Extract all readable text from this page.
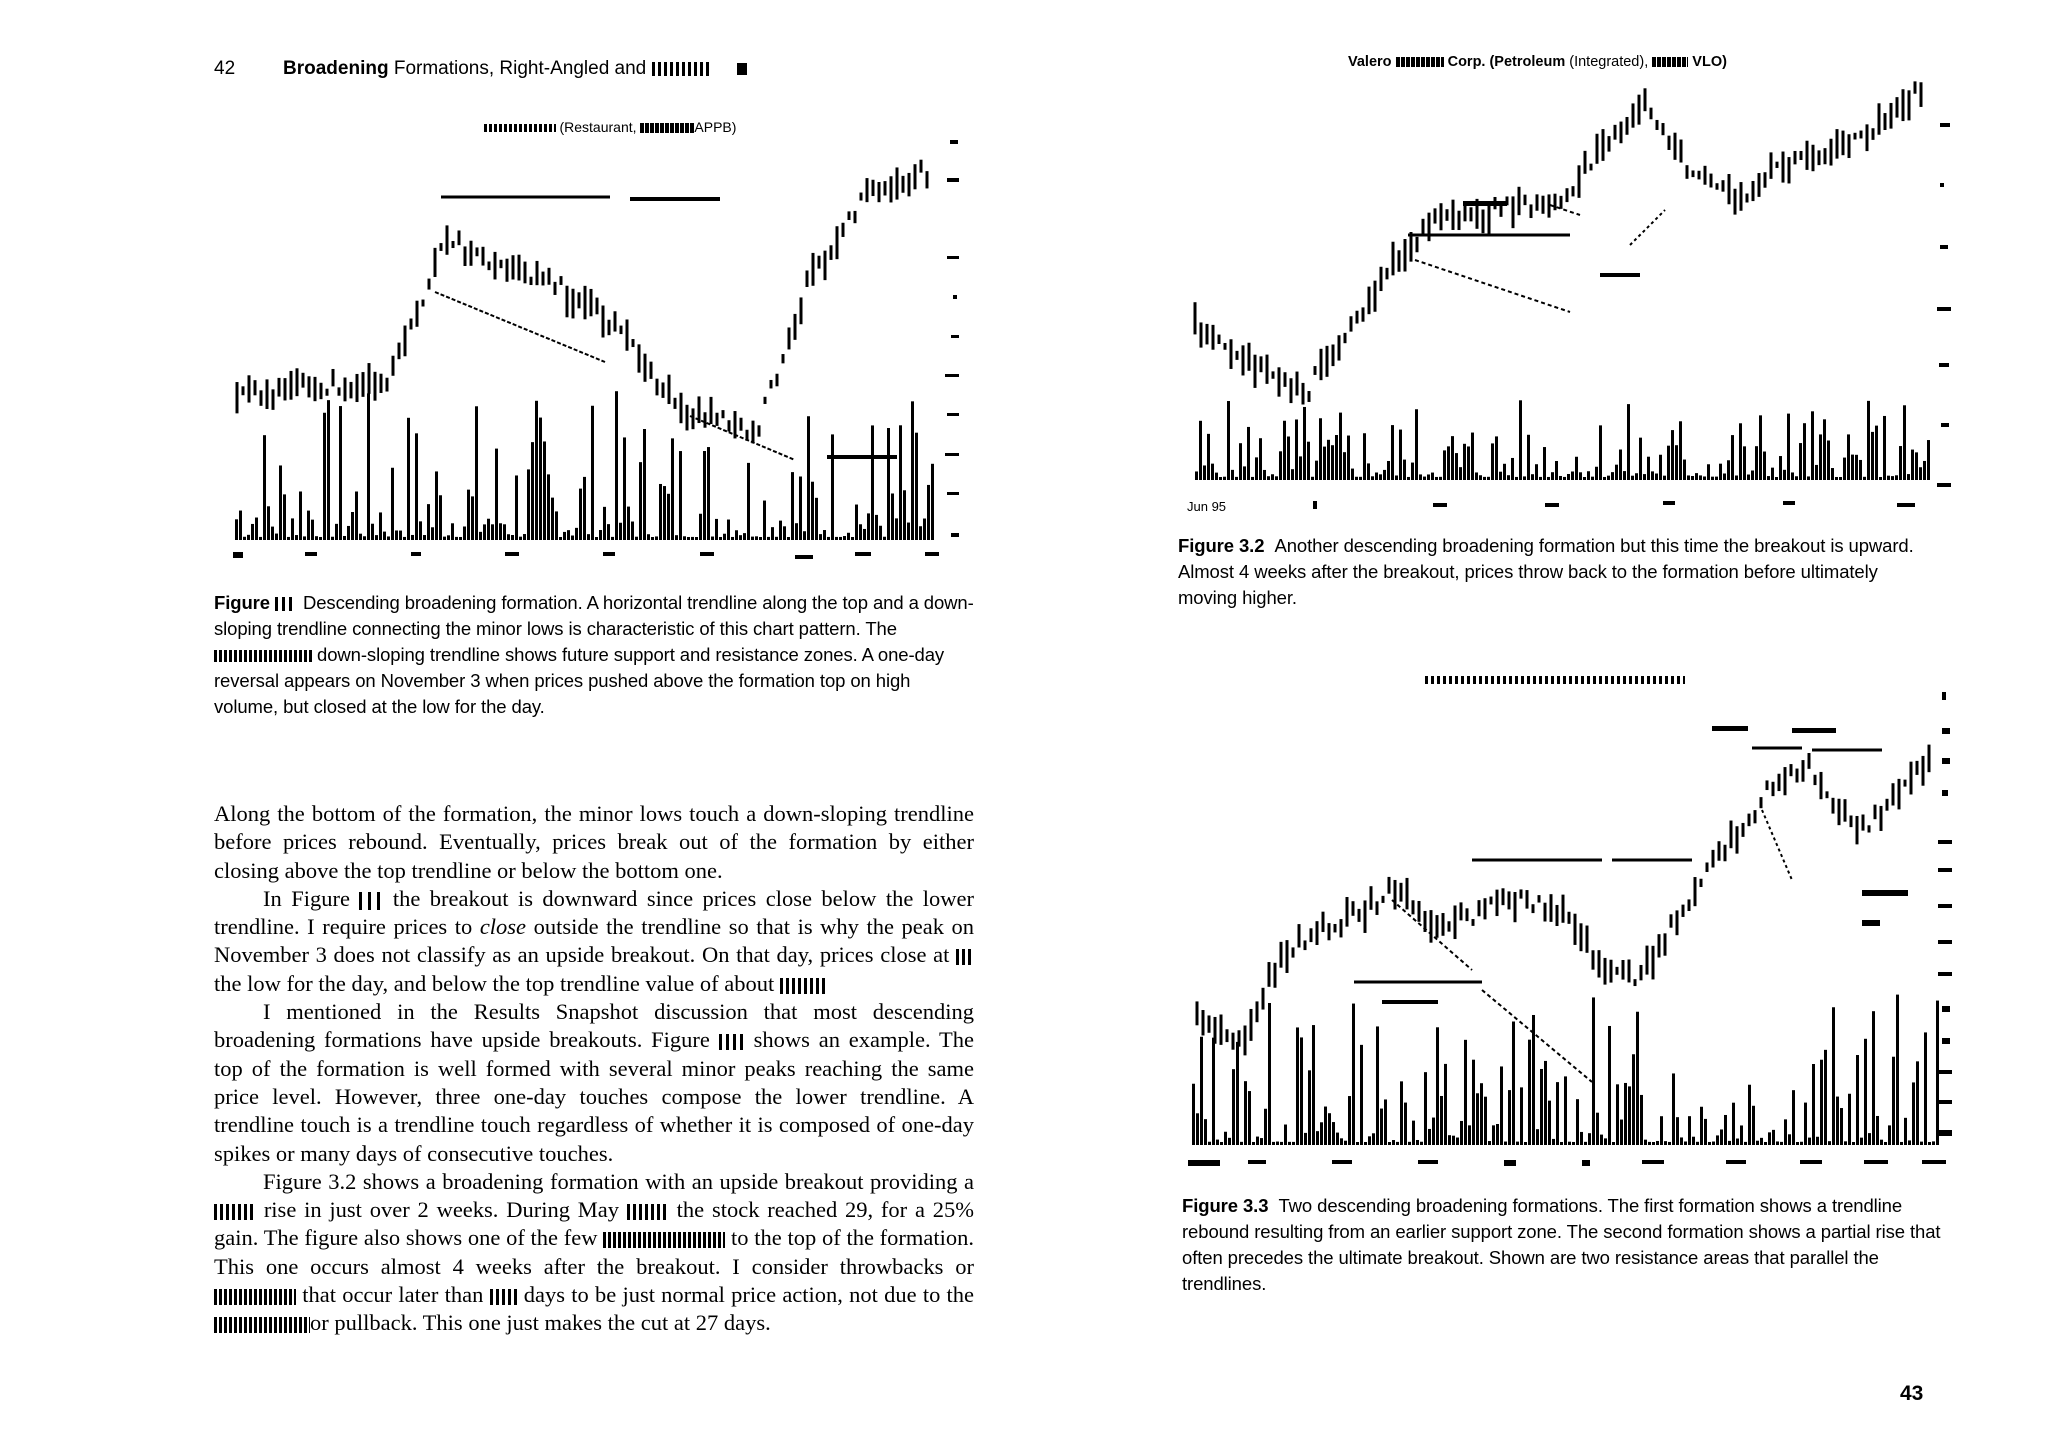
42	Broadening Formations, Right-Angled and
(Restaurant,	APPB)
Figure Descending broadening formation. A horizontal trendline along the top and a down-sloping trendline connecting the minor lows is characteristic of this chart pattern. The  down-sloping trendline shows future support and resistance zones. A one-day reversal appears on November 3 when prices pushed above the formation top on high volume, but closed at the low for the day.

Along the bottom of the formation, the minor lows touch a down-sloping trendline before prices rebound. Eventually, prices break out of the formation by either closing above the top trendline or below the bottom one.

In Figure the breakout is downward since prices close below the lower trendline. I require prices to close outside the trendline so that is why the peak on November 3 does not classify as an upside breakout. On that day, prices close at  the low for the day, and below the top trendline value of about

I mentioned in the Results Snapshot discussion that most descending broadening formations have upside breakouts. Figure shows an example. The top of the formation is well formed with several minor peaks reaching the same price level. However, three one-day touches compose the lower trendline. A trendline touch is a trendline touch regardless of whether it is composed of one-day spikes or many days of consecutive touches.

Figure 3.2 shows a broadening formation with an upside breakout providing a  rise in just over 2 weeks. During May	the stock reached 29, for a 25% gain. The figure also shows one of the few	to the top of the formation. This one occurs almost 4 weeks after the breakout. I consider throwbacks or  that occur later than days to be just normal price action, not due to the or pullback. This one just makes the cut at 27 days.

Valero	Corp. (Petroleum (Integrated),  VLO)
Jun 95
Figure 3.2 Another descending broadening formation but this time the breakout is upward. Almost 4 weeks after the breakout, prices throw back to the formation before ultimately moving higher.
Figure 3.3 Two descending broadening formations. The first formation shows a trendline rebound resulting from an earlier support zone. The second formation shows a partial rise that often precedes the ultimate breakout. Shown are two resistance areas that parallel the trendlines.
43
